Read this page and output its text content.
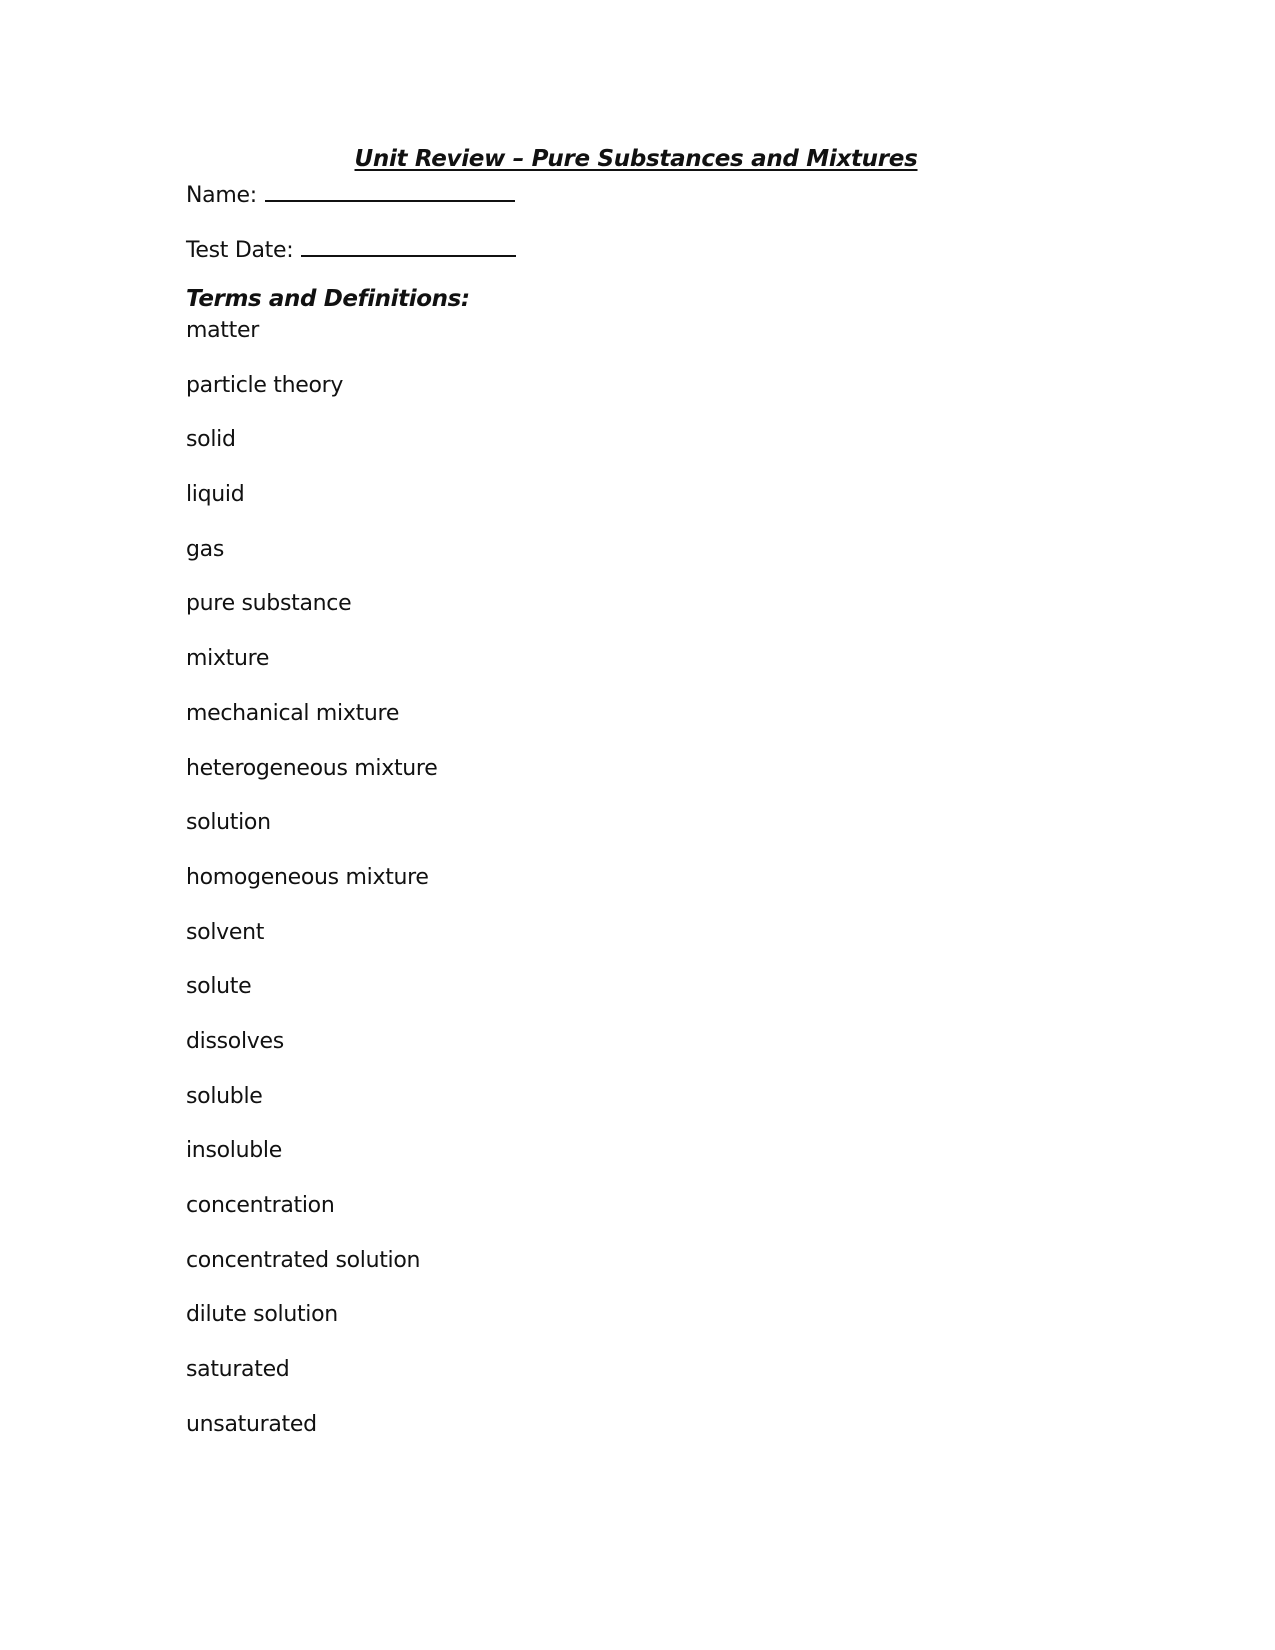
Unit Review – Pure Substances and Mixtures
Name:
Test Date:
Terms and Definitions:
matter
particle theory
solid
liquid
gas
pure substance
mixture
mechanical mixture
heterogeneous mixture
solution
homogeneous mixture
solvent
solute
dissolves
soluble
insoluble
concentration
concentrated solution
dilute solution
saturated
unsaturated
